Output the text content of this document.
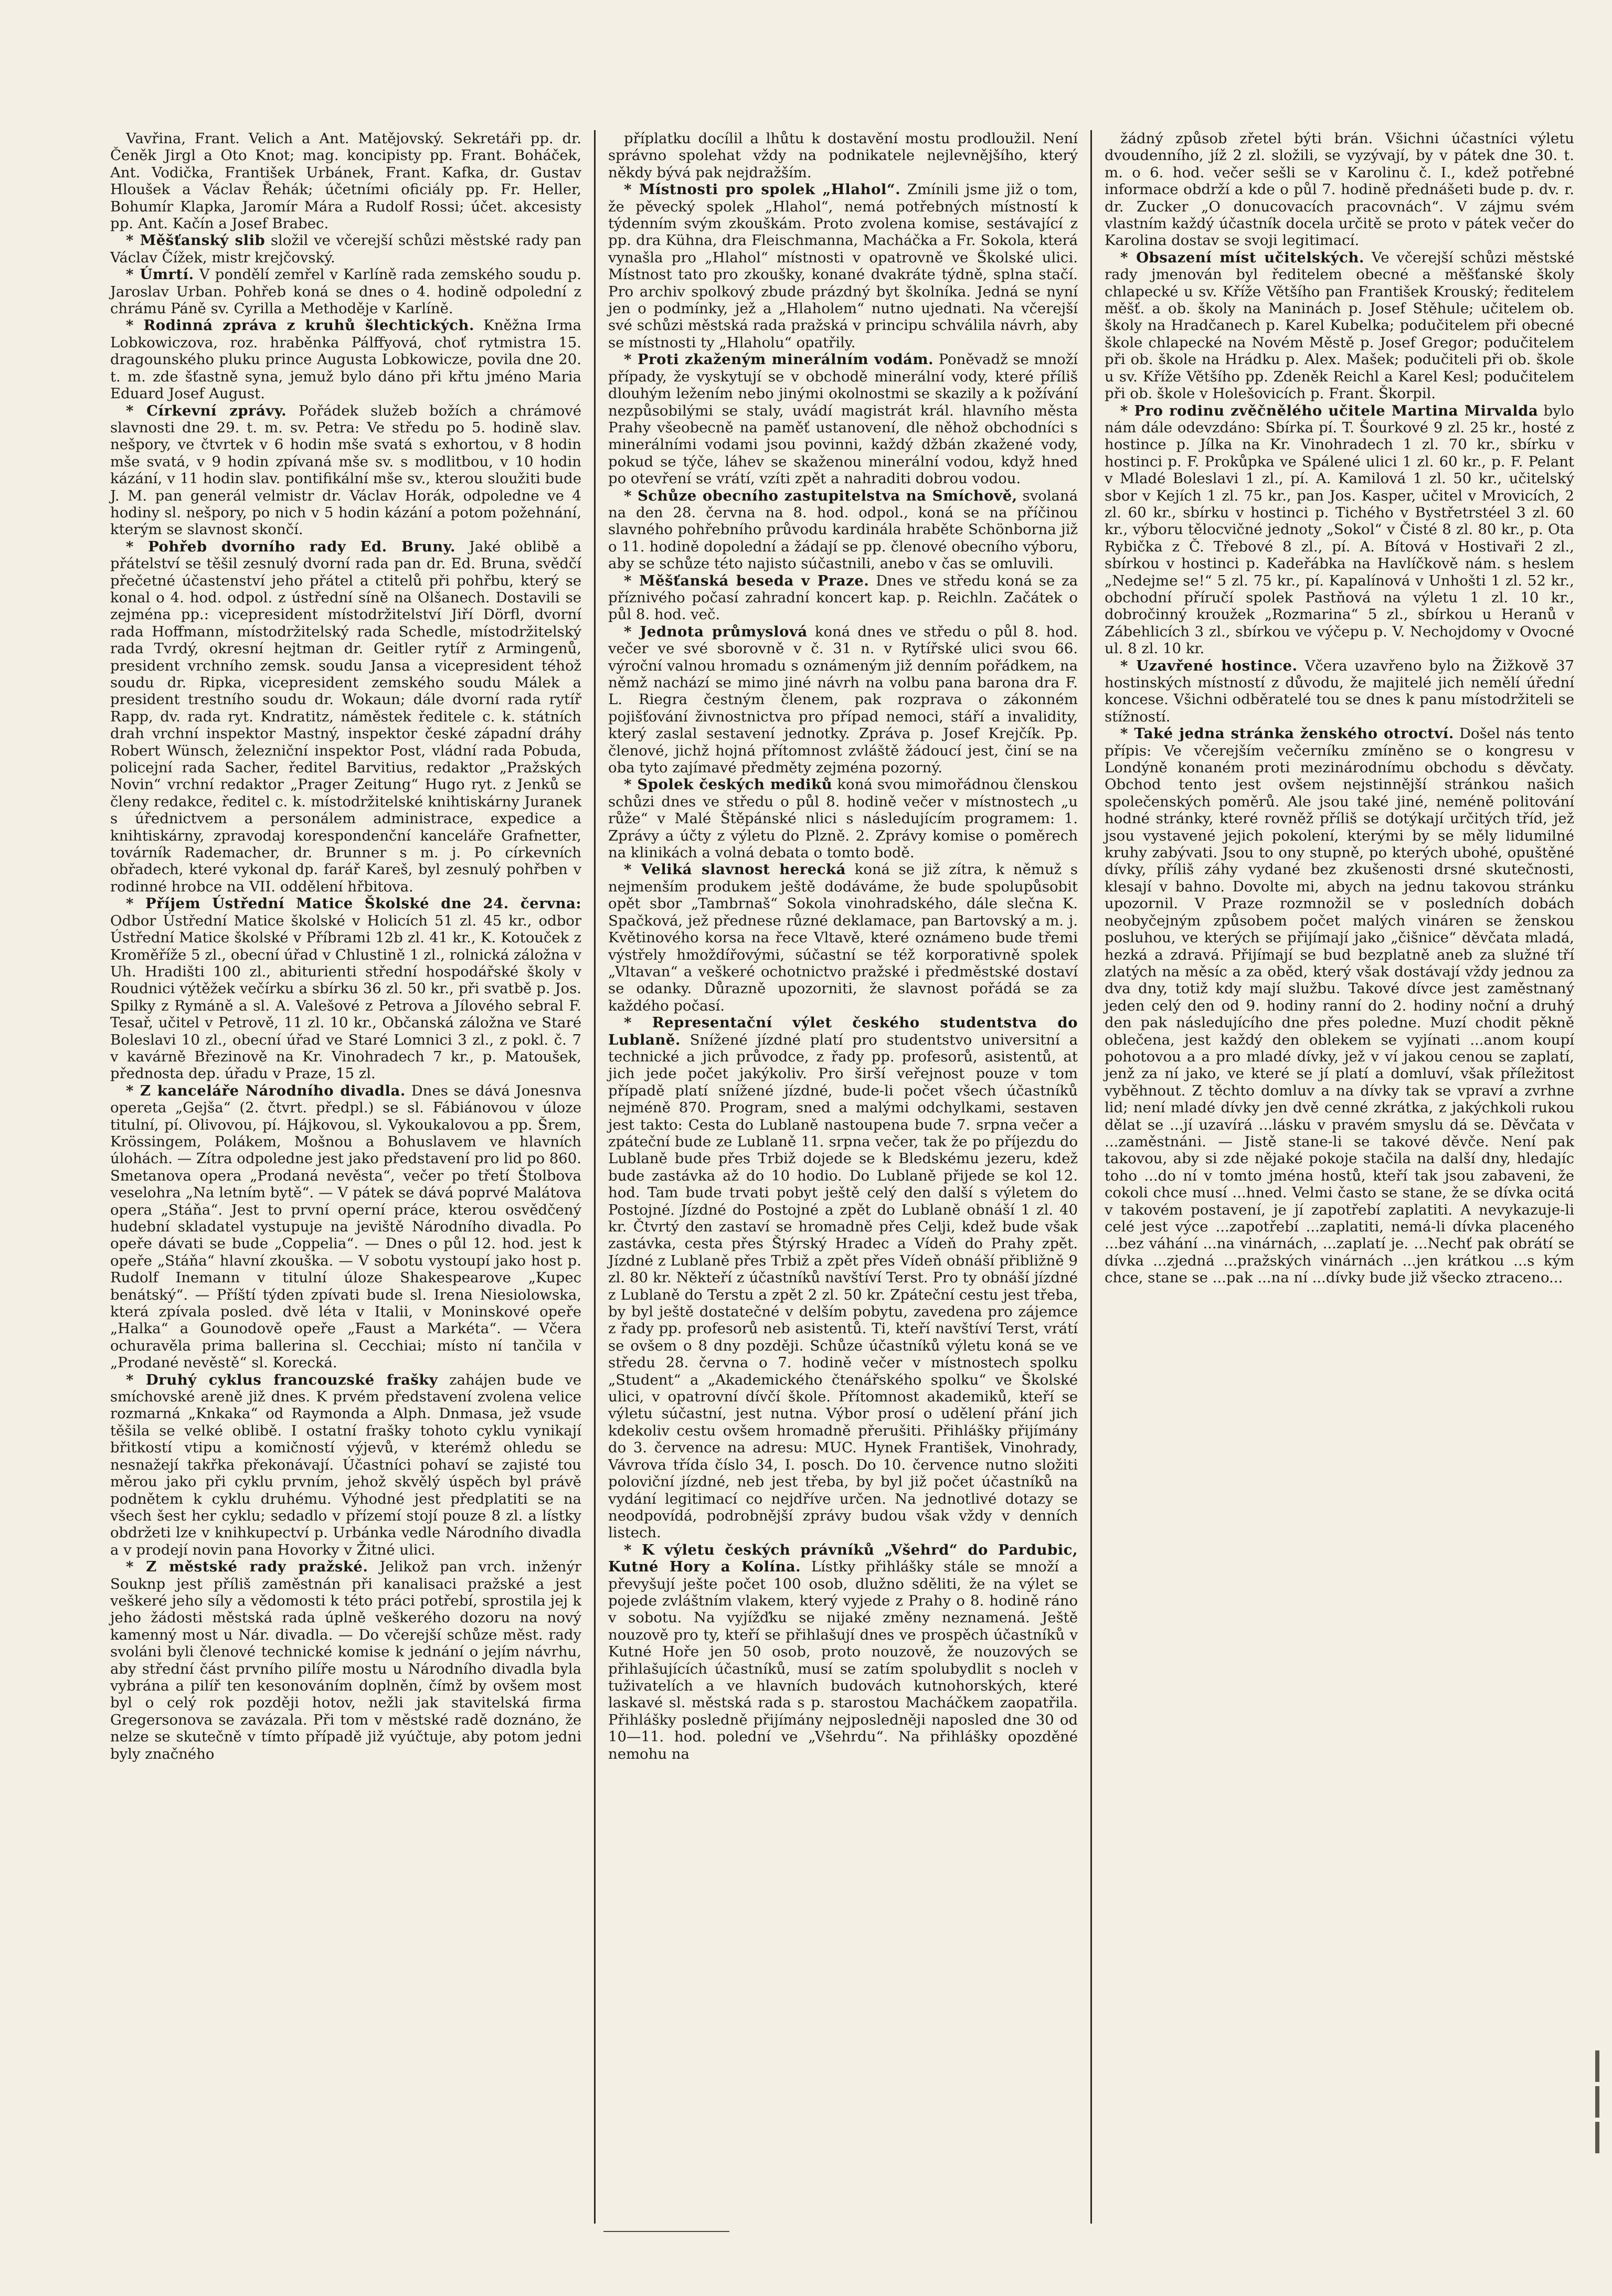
Vavřina, Frant. Velich a Ant. Matějovský. Sekretáři pp. dr. Čeněk Jirgl a Oto Knot; mag. koncipisty pp. Frant. Boháček, Ant. Vodička, František Urbánek, Frant. Kafka, dr. Gustav Hloušek a Václav Řehák; účetními oficiály pp. Fr. Heller, Bohumír Klapka, Jaromír Mára a Rudolf Rossi; účet. akcesisty pp. Ant. Kačín a Josef Brabec.

* Měšťanský slib složil ve včerejší schůzi městské rady pan Václav Čížek, mistr krejčovský.

* Úmrtí. V pondělí zemřel v Karlíně rada zemského soudu p. Jaroslav Urban. Pohřeb koná se dnes o 4. hodině odpolední z chrámu Páně sv. Cyrilla a Methoděje v Karlíně.

* Rodinná zpráva z kruhů šlechtických. Kněžna Irma Lobkowiczova, roz. hraběnka Pálffyová, choť rytmistra 15. dragounského pluku prince Augusta Lobkowicze, povila dne 20. t. m. zde šťastně syna, jemuž bylo dáno při křtu jméno Maria Eduard Josef August.

* Církevní zprávy. Pořádek služeb božích a chrámové slavnosti dne 29. t. m. sv. Petra: Ve středu po 5. hodině slav. nešpory, ve čtvrtek v 6 hodin mše svatá s exhortou, v 8 hodin mše svatá, v 9 hodin zpívaná mše sv. s modlitbou, v 10 hodin kázání, v 11 hodin slav. pontifikální mše sv., kterou sloužiti bude J. M. pan generál velmistr dr. Václav Horák, odpoledne ve 4 hodiny sl. nešpory, po nich v 5 hodin kázání a potom požehnání, kterým se slavnost skončí.

* Pohřeb dvorního rady Ed. Bruny. Jaké oblibě a přátelství se těšil zesnulý dvorní rada pan dr. Ed. Bruna, svědčí přečetné účastenství jeho přátel a ctitelů při pohřbu, který se konal o 4. hod. odpol. z ústřední síně na Olšanech. Dostavili se zejména pp.: vicepresident místodržitelství Jiří Dörfl, dvorní rada Hoffmann, místodržitelský rada Schedle, místodržitelský rada Tvrdý, okresní hejtman dr. Geitler rytíř z Armingenů, president vrchního zemsk. soudu Jansa a vicepresident téhož soudu dr. Ripka, vicepresident zemského soudu Málek a president trestního soudu dr. Wokaun; dále dvorní rada rytíř Rapp, dv. rada ryt. Kndratitz, náměstek ředitele c. k. státních drah vrchní inspektor Mastný, inspektor české západní dráhy Robert Wünsch, železniční inspektor Post, vládní rada Pobuda, policejní rada Sacher, ředitel Barvitius, redaktor „Pražských Novin“ vrchní redaktor „Prager Zeitung“ Hugo ryt. z Jenků se členy redakce, ředitel c. k. místodržitelské knihtiskárny Juranek s úřednictvem a personálem administrace, expedice a knihtiskárny, zpravodaj korespondenční kanceláře Grafnetter, továrník Rademacher, dr. Brunner s m. j. Po církevních obřadech, které vykonal dp. farář Kareš, byl zesnulý pohřben v rodinné hrobce na VII. oddělení hřbitova.

* Příjem Ústřední Matice Školské dne 24. června: Odbor Ústřední Matice školské v Holicích 51 zl. 45 kr., odbor Ústřední Matice školské v Příbrami 12b zl. 41 kr., K. Kotouček z Kroměříže 5 zl., obecní úřad v Chlustině 1 zl., rolnická záložna v Uh. Hradišti 100 zl., abiturienti střední hospodářské školy v Roudnici výtěžek večírku a sbírku 36 zl. 50 kr., při svatbě p. Jos. Spilky z Rymáně a sl. A. Valešové z Petrova a Jílového sebral F. Tesař, učitel v Petrově, 11 zl. 10 kr., Občanská záložna ve Staré Boleslavi 10 zl., obecní úřad ve Staré Lomnici 3 zl., z pokl. č. 7 v kavárně Březinově na Kr. Vinohradech 7 kr., p. Matoušek, přednosta dep. úřadu v Praze, 15 zl.

* Z kanceláře Národního divadla. Dnes se dává Jonesnva opereta „Gejša“ (2. čtvrt. předpl.) se sl. Fábiánovou v úloze titulní, pí. Olivovou, pí. Hájkovou, sl. Vykoukalovou a pp. Šrem, Krössingem, Polákem, Mošnou a Bohuslavem ve hlavních úlohách. — Zítra odpoledne jest jako představení pro lid po 860. Smetanova opera „Prodaná nevěsta“, večer po třetí Štolbova veselohra „Na letním bytě“. — V pátek se dává poprvé Malátova opera „Stáňa“. Jest to první operní práce, kterou osvědčený hudební skladatel vystupuje na jeviště Národního divadla. Po opeře dávati se bude „Coppelia“. — Dnes o půl 12. hod. jest k opeře „Stáňa“ hlavní zkouška. — V sobotu vystoupí jako host p. Rudolf Inemann v titulní úloze Shakespearove „Kupec benátský“. — Příští týden zpívati bude sl. Irena Niesiolowska, která zpívala posled. dvě léta v Italii, v Moninskové opeře „Halka“ a Gounodově opeře „Faust a Markéta“. — Včera ochuravěla prima ballerina sl. Cecchiai; místo ní tančila v „Prodané nevěstě“ sl. Korecká.

* Druhý cyklus francouzské frašky zahájen bude ve smíchovské areně již dnes. K prvém představení zvolena velice rozmarná „Knkaka“ od Raymonda a Alph. Dnmasa, jež vsude těšila se velké oblibě. I ostatní frašky tohoto cyklu vynikají břitkostí vtipu a komičností výjevů, v kterémž ohledu se nesnažejí takřka překonávají. Účastníci pohaví se zajisté tou měrou jako při cyklu prvním, jehož skvělý úspěch byl právě podnětem k cyklu druhému. Výhodné jest předplatiti se na všech šest her cyklu; sedadlo v přízemí stojí pouze 8 zl. a lístky obdržeti lze v knihkupectví p. Urbánka vedle Národního divadla a v prodejí novin pana Hovorky v Žitné ulici.

* Z městské rady pražské. Jelikož pan vrch. inženýr Souknp jest příliš zaměstnán při kanalisaci pražské a jest veškeré jeho síly a vědomosti k této práci potřebí, sprostila jej k jeho žádosti městská rada úplně veškerého dozoru na nový kamenný most u Nár. divadla. — Do včerejší schůze měst. rady svoláni byli členové technické komise k jednání o jejím návrhu, aby střední část prvního pilíře mostu u Národního divadla byla vybrána a pilíř ten kesonováním doplněn, čímž by ovšem most byl o celý rok později hotov, nežli jak stavitelská firma Gregersonova se zavázala. Při tom v městské radě doznáno, že nelze se skutečně v tímto případě již vyúčtuje, aby potom jedni byly značného

příplatku docílil a lhůtu k dostavění mostu prodloužil. Není správno spolehat vždy na podnikatele nejlevnějšího, který někdy bývá pak nejdražším.

* Místnosti pro spolek „Hlahol“. Zmínili jsme již o tom, že pěvecký spolek „Hlahol“, nemá potřebných místností k týdenním svým zkouškám. Proto zvolena komise, sestávající z pp. dra Kühna, dra Fleischmanna, Macháčka a Fr. Sokola, která vynašla pro „Hlahol“ místnosti v opatrovně ve Školské ulici. Místnost tato pro zkoušky, konané dvakráte týdně, splna stačí. Pro archiv spolkový zbude prázdný byt školníka. Jedná se nyní jen o podmínky, jež a „Hlaholem“ nutno ujednati. Na včerejší své schůzi městská rada pražská v principu schválila návrh, aby se místnosti ty „Hlaholu“ opatřily.

* Proti zkaženým minerálním vodám. Poněvadž se množí případy, že vyskytují se v obchodě minerální vody, které příliš dlouhým ležením nebo jinými okolnostmi se skazily a k požívání nezpůsobilými se staly, uvádí magistrát král. hlavního města Prahy všeobecně na paměť ustanovení, dle něhož obchodníci s minerálními vodami jsou povinni, každý džbán zkažené vody, pokud se týče, láhev se skaženou minerální vodou, když hned po otevření se vrátí, vzíti zpět a nahraditi dobrou vodou.

* Schůze obecního zastupitelstva na Smíchově, svolaná na den 28. června na 8. hod. odpol., koná se na příčinou slavného pohřebního průvodu kardinála hraběte Schönborna již o 11. hodině dopolední a žádají se pp. členové obecního výboru, aby se schůze této najisto súčastnili, anebo v čas se omluvili.

* Měšťanská beseda v Praze. Dnes ve středu koná se za příznivého počasí zahradní koncert kap. p. Reichln. Začátek o půl 8. hod. več.

* Jednota průmyslová koná dnes ve středu o půl 8. hod. večer ve své sborovně v č. 31 n. v Rytířské ulici svou 66. výroční valnou hromadu s oznámeným již denním pořádkem, na němž nachází se mimo jiné návrh na volbu pana barona dra F. L. Riegra čestným členem, pak rozprava o zákonném pojišťování živnostnictva pro případ nemoci, stáří a invalidity, který zaslal sestavení jednotky. Zpráva p. Josef Krejčík. Pp. členové, jichž hojná přítomnost zvláště žádoucí jest, činí se na oba tyto zajímavé předměty zejména pozorný.

* Spolek českých mediků koná svou mimořádnou členskou schůzi dnes ve středu o půl 8. hodině večer v místnostech „u růže“ v Malé Štěpánské nlici s následujícím programem: 1. Zprávy a účty z výletu do Plzně. 2. Zprávy komise o poměrech na klinikách a volná debata o tomto bodě.

* Veliká slavnost herecká koná se již zítra, k němuž s nejmenším produkem ještě dodáváme, že bude spolupůsobit opět sbor „Tambrnaš“ Sokola vinohradského, dále slečna K. Spačková, jež přednese různé deklamace, pan Bartovský a m. j. Květinového korsa na řece Vltavě, které oznámeno bude třemi výstřely hmoždířovými, súčastní se též korporativně spolek „Vltavan“ a veškeré ochotnictvo pražské i předměstské dostaví se odanky. Důrazně upozorniti, že slavnost pořádá se za každého počasí.

* Representační výlet českého studentstva do Lublaně. Snížené jízdné platí pro studentstvo universitní a technické a jich průvodce, z řady pp. profesorů, asistentů, at jich jede počet jakýkoliv. Pro širší veřejnost pouze v tom případě platí snížené jízdné, bude-li počet všech účastníků nejméně 870. Program, sned a malými odchylkami, sestaven jest takto: Cesta do Lublaně nastoupena bude 7. srpna večer a zpáteční bude ze Lublaně 11. srpna večer, tak že po příjezdu do Lublaně bude přes Trbiž dojede se k Bledskému jezeru, kdež bude zastávka až do 10 hodio. Do Lublaně přijede se kol 12. hod. Tam bude trvati pobyt ještě celý den další s výletem do Postojné. Jízdné do Postojné a zpět do Lublaně obnáší 1 zl. 40 kr. Čtvrtý den zastaví se hromadně přes Celji, kdež bude však zastávka, cesta přes Štýrský Hradec a Vídeň do Prahy zpět. Jízdné z Lublaně přes Trbiž a zpět přes Vídeň obnáší přibližně 9 zl. 80 kr. Někteří z účastníků navštíví Terst. Pro ty obnáší jízdné z Lublaně do Terstu a zpět 2 zl. 50 kr. Zpáteční cestu jest třeba, by byl ještě dostatečné v delším pobytu, zavedena pro zájemce z řady pp. profesorů neb asistentů. Ti, kteří navštíví Terst, vrátí se ovšem o 8 dny později. Schůze účastníků výletu koná se ve středu 28. června o 7. hodině večer v místnostech spolku „Student“ a „Akademického čtenářského spolku“ ve Školské ulici, v opatrovní dívčí škole. Přítomnost akademiků, kteří se výletu súčastní, jest nutna. Výbor prosí o udělení přání jich kdekoliv cestu ovšem hromadně přerušiti. Přihlášky přijímány do 3. července na adresu: MUC. Hynek František, Vinohrady, Vávrova třída číslo 34, I. posch. Do 10. července nutno složiti poloviční jízdné, neb jest třeba, by byl již počet účastníků na vydání legitimací co nejdříve určen. Na jednotlivé dotazy se neodpovídá, podrobnější zprávy budou však vždy v denních listech.

* K výletu českých právníků „Všehrd“ do Pardubic, Kutné Hory a Kolína. Lístky přihlášky stále se množí a převyšují ješte počet 100 osob, dlužno sděliti, že na výlet se pojede zvláštním vlakem, který vyjede z Prahy o 8. hodině ráno v sobotu. Na vyjížďku se nijaké změny neznamená. Ještě nouzově pro ty, kteří se přihlašují dnes ve prospěch účastníků v Kutné Hoře jen 50 osob, proto nouzově, že nouzových se přihlašujících účastníků, musí se zatím spolubydlit s nocleh v tuživatelích a ve hlavních budovách kutnohorských, které laskavé sl. městská rada s p. starostou Macháčkem zaopatřila. Přihlášky posledně přijímány nejposledněji naposled dne 30 od 10—11. hod. polední ve „Všehrdu“. Na přihlášky opozděné nemohu na

žádný způsob zřetel býti brán. Všichni účastníci výletu dvoudenního, jíž 2 zl. složili, se vyzývají, by v pátek dne 30. t. m. o 6. hod. večer sešli se v Karolinu č. I., kdež potřebné informace obdrží a kde o půl 7. hodině přednášeti bude p. dv. r. dr. Zucker „O donucovacích pracovnách“. V zájmu svém vlastním každý účastník docela určitě se proto v pátek večer do Karolina dostav se svoji legitimací.

* Obsazení míst učitelských. Ve včerejší schůzi městské rady jmenován byl ředitelem obecné a měšťanské školy chlapecké u sv. Kříže Většího pan František Krouský; ředitelem měšť. a ob. školy na Maninách p. Josef Stěhule; učitelem ob. školy na Hradčanech p. Karel Kubelka; podučitelem při obecné škole chlapecké na Novém Městě p. Josef Gregor; podučitelem při ob. škole na Hrádku p. Alex. Mašek; podučiteli při ob. škole u sv. Kříže Většího pp. Zdeněk Reichl a Karel Kesl; podučitelem při ob. škole v Holešovicích p. Frant. Škorpil.

* Pro rodinu zvěčnělého učitele Martina Mirvalda bylo nám dále odevzdáno: Sbírka pí. T. Šourkové 9 zl. 25 kr., hosté z hostince p. Jílka na Kr. Vinohradech 1 zl. 70 kr., sbírku v hostinci p. F. Prokůpka ve Spálené ulici 1 zl. 60 kr., p. F. Pelant v Mladé Boleslavi 1 zl., pí. A. Kamilová 1 zl. 50 kr., učitelský sbor v Kejích 1 zl. 75 kr., pan Jos. Kasper, učitel v Mrovicích, 2 zl. 60 kr., sbírku v hostinci p. Tichého v Bystřetrstéel 3 zl. 60 kr., výboru tělocvičné jednoty „Sokol“ v Čisté 8 zl. 80 kr., p. Ota Rybička z Č. Třebové 8 zl., pí. A. Bítová v Hostivaři 2 zl., sbírkou v hostinci p. Kadeřábka na Havlíčkově nám. s heslem „Nedejme se!“ 5 zl. 75 kr., pí. Kapalínová v Unhošti 1 zl. 52 kr., obchodní příručí spolek Pastňová na výletu 1 zl. 10 kr., dobročinný kroužek „Rozmarina“ 5 zl., sbírkou u Heranů v Zábehlicích 3 zl., sbírkou ve výčepu p. V. Nechojdomy v Ovocné ul. 8 zl. 10 kr.

* Uzavřené hostince. Včera uzavřeno bylo na Žižkově 37 hostinských místností z důvodu, že majitelé jich nemělí úřední koncese. Všichni odběratelé tou se dnes k panu místodržiteli se stížností.

* Také jedna stránka ženského otroctví. Došel nás tento přípis: Ve včerejším večerníku zmíněno se o kongresu v Londýně konaném proti mezinárodnímu obchodu s děvčaty. Obchod tento jest ovšem nejstinnější stránkou našich společenských poměrů. Ale jsou také jiné, neméně politování hodné stránky, které rovněž příliš se dotýkají určitých tříd, jež jsou vystavené jejich pokolení, kterými by se měly lidumilné kruhy zabývati. Jsou to ony stupně, po kterých ubohé, opuštěné dívky, příliš záhy vydané bez zkušenosti drsné skutečnosti, klesají v bahno. Dovolte mi, abych na jednu takovou stránku upozornil. V Praze rozmnožil se v posledních dobách neobyčejným způsobem počet malých vináren se ženskou posluhou, ve kterých se přijímají jako „čišnice“ děvčata mladá, hezká a zdravá. Přijímají se bud bezplatně aneb za služné tří zlatých na měsíc a za oběd, který však dostávají vždy jednou za dva dny, totiž kdy mají službu. Takové dívce jest zaměstnaný jeden celý den od 9. hodiny ranní do 2. hodiny noční a druhý den pak následujícího dne přes poledne. Muzí chodit pěkně oblečena, jest každý den oblekem se vyjínati ...anom koupí pohotovou a a pro mladé dívky, jež v ví jakou cenou se zaplatí, jenž za ní jako, ve které se jí platí a domluví, však příležitost vyběhnout. Z těchto domluv a na dívky tak se vpraví a zvrhne lid; není mladé dívky jen dvě cenné zkrátka, z jakýchkoli rukou dělat se ...jí uzavírá ...lásku v pravém smyslu dá se. Děvčata v ...zaměstnáni. — Jistě stane-li se takové děvče. Není pak takovou, aby si zde nějaké pokoje stačila na další dny, hledajíc toho ...do ní v tomto jména hostů, kteří tak jsou zabaveni, že cokoli chce musí ...hned. Velmi často se stane, že se dívka ocitá v takovém postavení, je jí zapotřebí zaplatiti. A nevykazuje-li celé jest výce ...zapotřebí ...zaplatiti, nemá-li dívka placeného ...bez váhání ...na vinárnách, ...zaplatí je. ...Nechť pak obrátí se dívka ...zjedná ...pražských vinárnách ...jen krátkou ...s kým chce, stane se ...pak ...na ní ...dívky bude již všecko ztraceno...
